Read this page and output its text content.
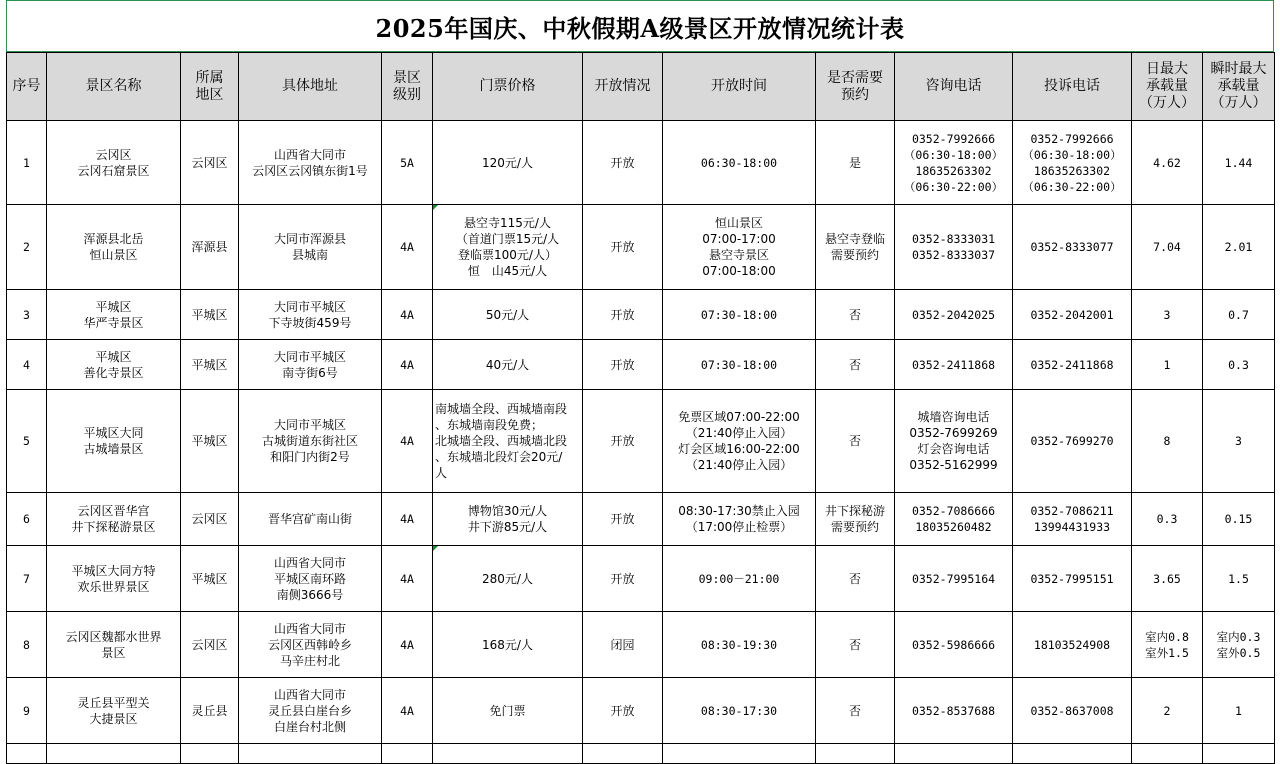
2025年国庆、中秋假期A级景区开放情况统计表
序号	景区名称	所属
地区	具体地址	景区
级别	门票价格	开放情况	开放时间	是否需要
预约	咨询电话	投诉电话	日最大
承载量
（万人）	瞬时最大
承载量
（万人）
1	云冈区
云冈石窟景区	云冈区	山西省大同市
云冈区云冈镇东街1号	5A	120元/人	开放	06:30-18:00	是	0352-7992666
（06:30-18:00）
18635263302
（06:30-22:00）	0352-7992666
（06:30-18:00）
18635263302
（06:30-22:00）	4.62	1.44
2	浑源县北岳
恒山景区	浑源县	大同市浑源县
县城南	4A	悬空寺115元/人
（首道门票15元/人
登临票100元/人）
恒　山45元/人	开放	恒山景区
07:00-17:00
悬空寺景区
07:00-18:00	悬空寺登临
需要预约	0352-8333031
0352-8333037	0352-8333077	7.04	2.01
3	平城区
华严寺景区	平城区	大同市平城区
下寺坡街459号	4A	50元/人	开放	07:30-18:00	否	0352-2042025	0352-2042001	3	0.7
4	平城区
善化寺景区	平城区	大同市平城区
南寺街6号	4A	40元/人	开放	07:30-18:00	否	0352-2411868	0352-2411868	1	0.3
5	平城区大同
古城墙景区	平城区	大同市平城区
古城街道东街社区
和阳门内街2号	4A	南城墙全段、西城墙南段
、东城墙南段免费；
北城墙全段、西城墙北段
、东城墙北段灯会20元/
人	开放	免票区域07:00-22:00
（21:40停止入园）
灯会区域16:00-22:00
（21:40停止入园）	否	城墙咨询电话
0352-7699269
灯会咨询电话
0352-5162999	0352-7699270	8	3
6	云冈区晋华宫
井下探秘游景区	云冈区	晋华宫矿南山街	4A	博物馆30元/人
井下游85元/人	开放	08:30-17:30禁止入园
（17:00停止检票）	井下探秘游
需要预约	0352-7086666
18035260482	0352-7086211
13994431933	0.3	0.15
7	平城区大同方特
欢乐世界景区	平城区	山西省大同市
平城区南环路
南侧3666号	4A	280元/人	开放	09:00－21:00	否	0352-7995164	0352-7995151	3.65	1.5
8	云冈区魏都水世界
景区	云冈区	山西省大同市
云冈区西韩岭乡
马辛庄村北	4A	168元/人	闭园	08:30-19:30	否	0352-5986666	18103524908	室内0.8
室外1.5	室内0.3
室外0.5
9	灵丘县平型关
大捷景区	灵丘县	山西省大同市
灵丘县白崖台乡
白崖台村北侧	4A	免门票	开放	08:30-17:30	否	0352-8537688	0352-8637008	2	1
